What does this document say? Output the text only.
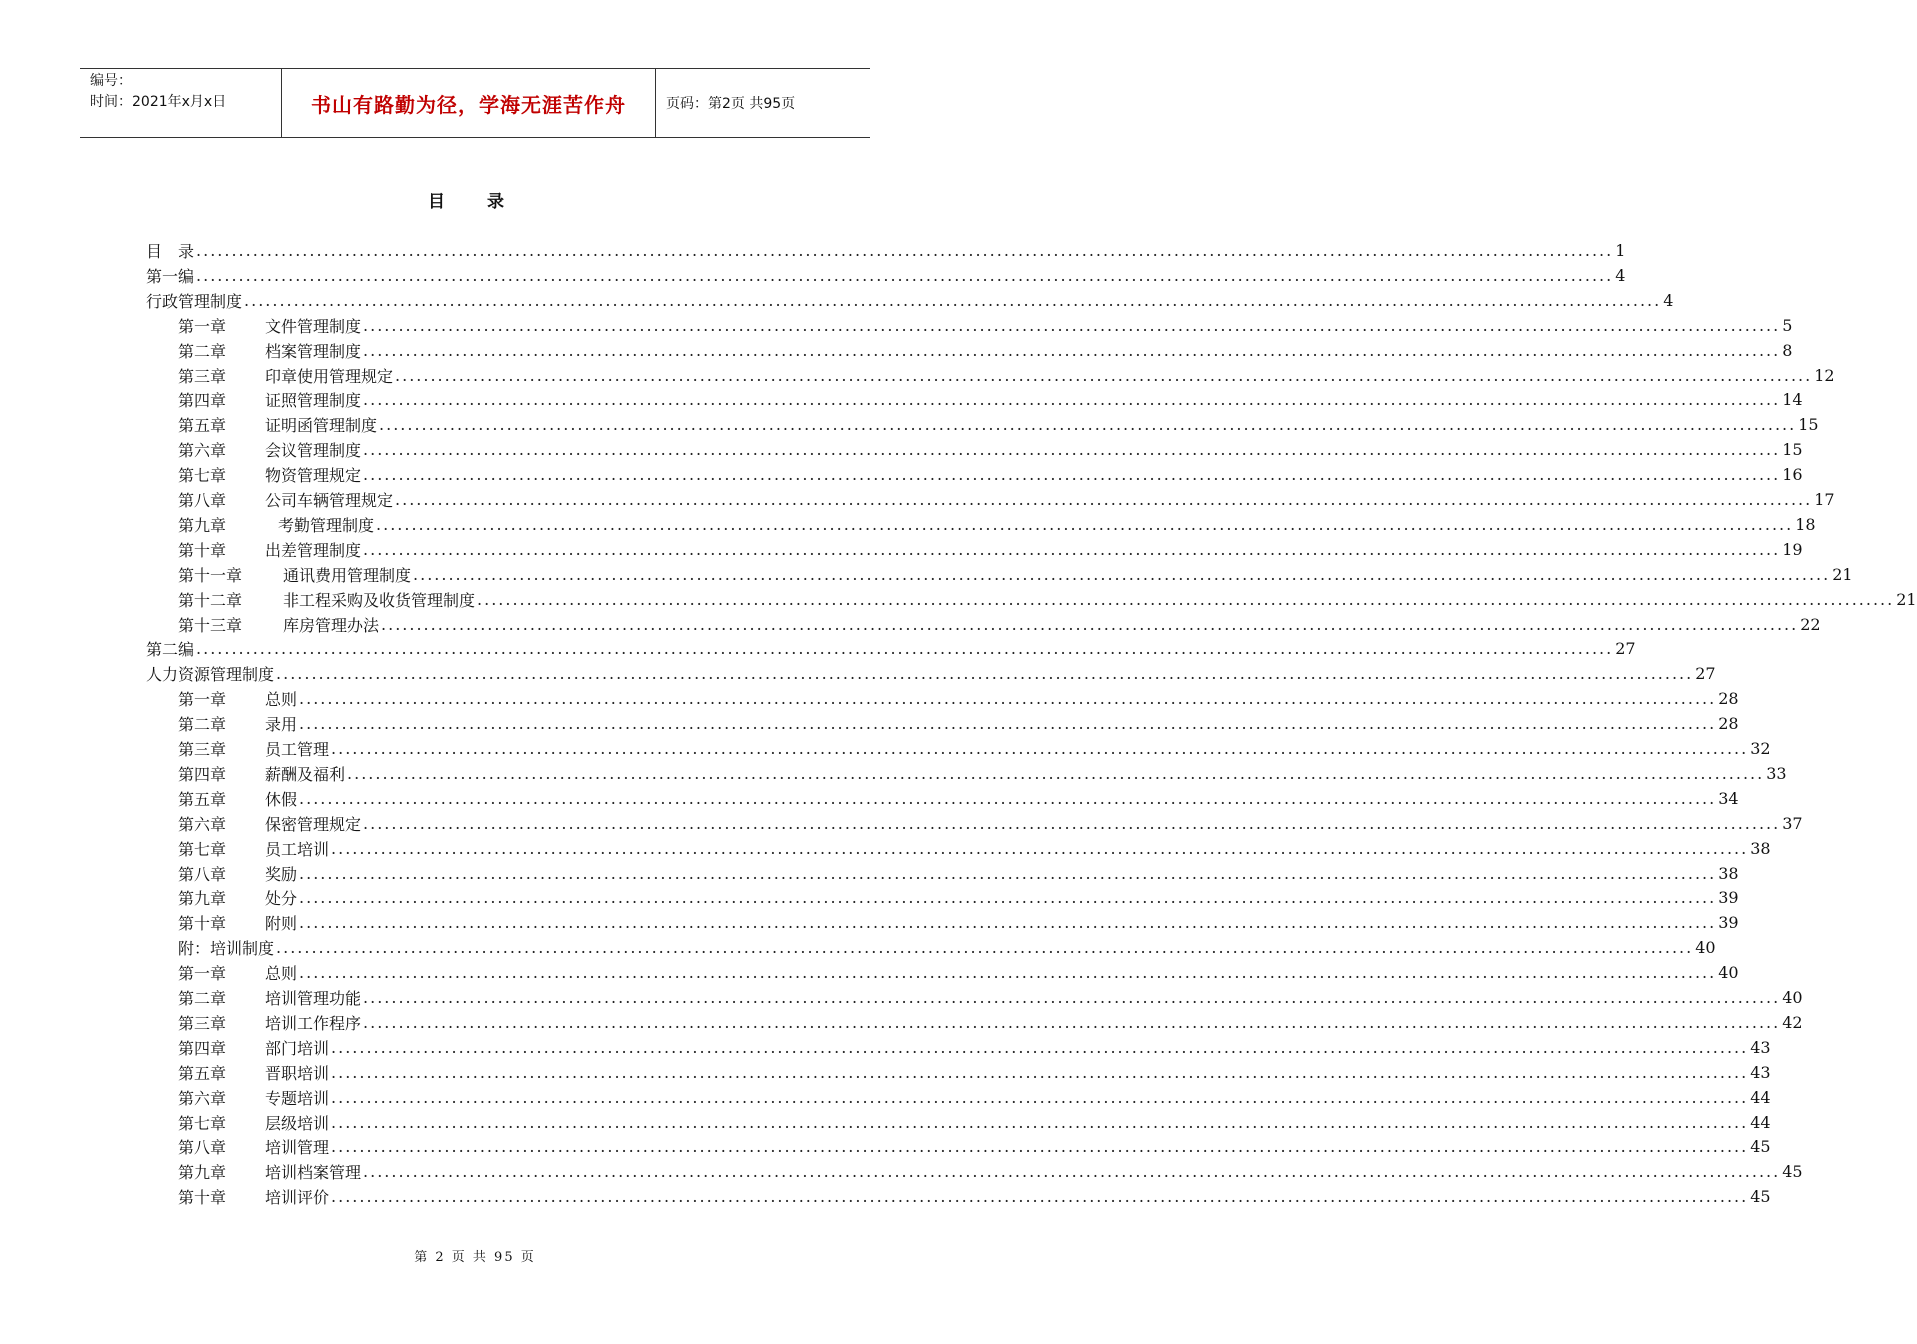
编号：
时间：2021年x月x日	书山有路勤为径，学海无涯苦作舟	页码：第2页 共95页
目 录
目　录 ........................................................................................................................................................................................................ 1
第一编 ........................................................................................................................................................................................................ 4
行政管理制度 ........................................................................................................................................................................................................ 4
第一章	文件管理制度 ........................................................................................................................................................................................................ 5
第二章	档案管理制度 ........................................................................................................................................................................................................ 8
第三章	印章使用管理规定 ........................................................................................................................................................................................................ 12
第四章	证照管理制度 ........................................................................................................................................................................................................ 14
第五章	证明函管理制度 ........................................................................................................................................................................................................ 15
第六章	会议管理制度 ........................................................................................................................................................................................................ 15
第七章	物资管理规定 ........................................................................................................................................................................................................ 16
第八章	公司车辆管理规定 ........................................................................................................................................................................................................ 17
第九章	考勤管理制度 ........................................................................................................................................................................................................ 18
第十章	出差管理制度 ........................................................................................................................................................................................................ 19
第十一章	通讯费用管理制度 ........................................................................................................................................................................................................ 21
第十二章	非工程采购及收货管理制度 ........................................................................................................................................................................................................ 21
第十三章	库房管理办法 ........................................................................................................................................................................................................ 22
第二编 ........................................................................................................................................................................................................ 27
人力资源管理制度 ........................................................................................................................................................................................................ 27
第一章	总则 ........................................................................................................................................................................................................ 28
第二章	录用 ........................................................................................................................................................................................................ 28
第三章	员工管理 ........................................................................................................................................................................................................ 32
第四章	薪酬及福利 ........................................................................................................................................................................................................ 33
第五章	休假 ........................................................................................................................................................................................................ 34
第六章	保密管理规定 ........................................................................................................................................................................................................ 37
第七章	员工培训 ........................................................................................................................................................................................................ 38
第八章	奖励 ........................................................................................................................................................................................................ 38
第九章	处分 ........................................................................................................................................................................................................ 39
第十章	附则 ........................................................................................................................................................................................................ 39
附：培训制度 ........................................................................................................................................................................................................ 40
第一章	总则 ........................................................................................................................................................................................................ 40
第二章	培训管理功能 ........................................................................................................................................................................................................ 40
第三章	培训工作程序 ........................................................................................................................................................................................................ 42
第四章	部门培训 ........................................................................................................................................................................................................ 43
第五章	晋职培训 ........................................................................................................................................................................................................ 43
第六章	专题培训 ........................................................................................................................................................................................................ 44
第七章	层级培训 ........................................................................................................................................................................................................ 44
第八章	培训管理 ........................................................................................................................................................................................................ 45
第九章	培训档案管理 ........................................................................................................................................................................................................ 45
第十章	培训评价 ........................................................................................................................................................................................................ 45
第 2 页 共 95 页
